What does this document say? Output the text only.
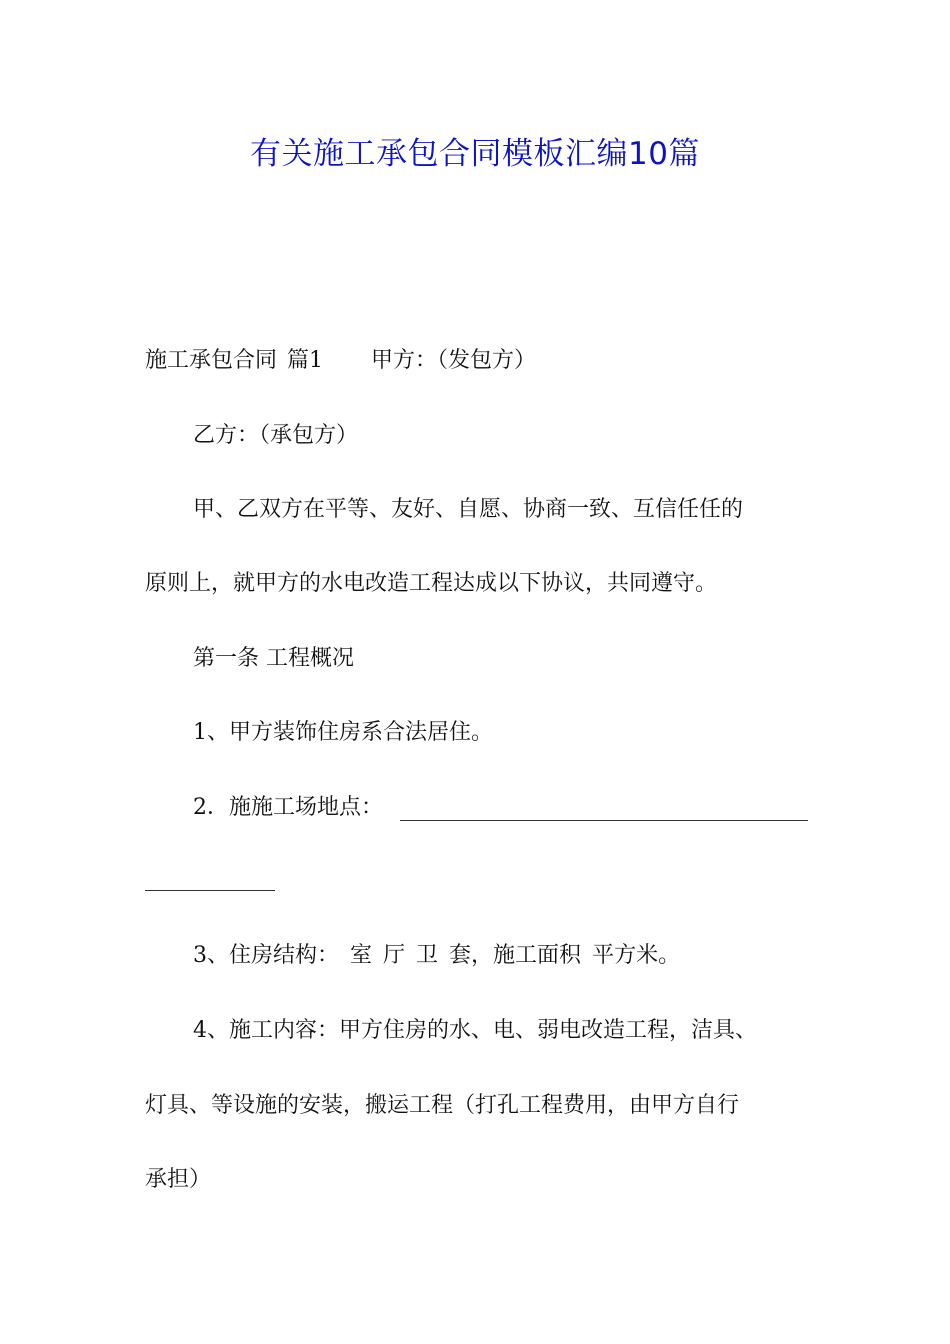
有关施工承包合同模板汇编10篇

施工承包合同 篇1 甲方：（发包方）

乙方：（承包方）

甲、乙双方在平等、友好、自愿、协商一致、互信任任的

原则上，就甲方的水电改造工程达成以下协议，共同遵守。

第一条 工程概况

1、甲方装饰住房系合法居住。

2．施施工场地点：

3、住房结构： 室 厅 卫 套，施工面积 平方米。

4、施工内容：甲方住房的水、电、弱电改造工程，洁具、

灯具、等设施的安装，搬运工程（打孔工程费用，由甲方自行

承担）
